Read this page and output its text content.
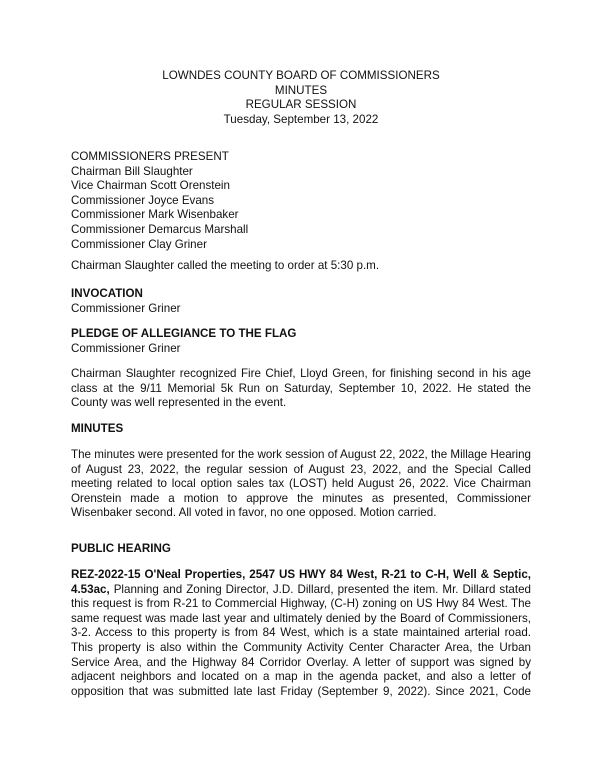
LOWNDES COUNTY BOARD OF COMMISSIONERS
MINUTES
REGULAR SESSION
Tuesday, September 13, 2022
COMMISSIONERS PRESENT
Chairman Bill Slaughter
Vice Chairman Scott Orenstein
Commissioner Joyce Evans
Commissioner Mark Wisenbaker
Commissioner Demarcus Marshall
Commissioner Clay Griner
Chairman Slaughter called the meeting to order at 5:30 p.m.
INVOCATION
Commissioner Griner
PLEDGE OF ALLEGIANCE TO THE FLAG
Commissioner Griner
Chairman Slaughter recognized Fire Chief, Lloyd Green, for finishing second in his age
class at the 9/11 Memorial 5k Run on Saturday, September 10, 2022. He stated the
County was well represented in the event.
MINUTES
The minutes were presented for the work session of August 22, 2022, the Millage Hearing
of August 23, 2022, the regular session of August 23, 2022, and the Special Called
meeting related to local option sales tax (LOST) held August 26, 2022. Vice Chairman
Orenstein made a motion to approve the minutes as presented, Commissioner
Wisenbaker second. All voted in favor, no one opposed. Motion carried.
PUBLIC HEARING
REZ-2022-15 O'Neal Properties, 2547 US HWY 84 West, R-21 to C-H, Well & Septic,
4.53ac, Planning and Zoning Director, J.D. Dillard, presented the item. Mr. Dillard stated
this request is from R-21 to Commercial Highway, (C-H) zoning on US Hwy 84 West. The
same request was made last year and ultimately denied by the Board of Commissioners,
3-2. Access to this property is from 84 West, which is a state maintained arterial road.
This property is also within the Community Activity Center Character Area, the Urban
Service Area, and the Highway 84 Corridor Overlay. A letter of support was signed by
adjacent neighbors and located on a map in the agenda packet, and also a letter of
opposition that was submitted late last Friday (September 9, 2022). Since 2021, Code
